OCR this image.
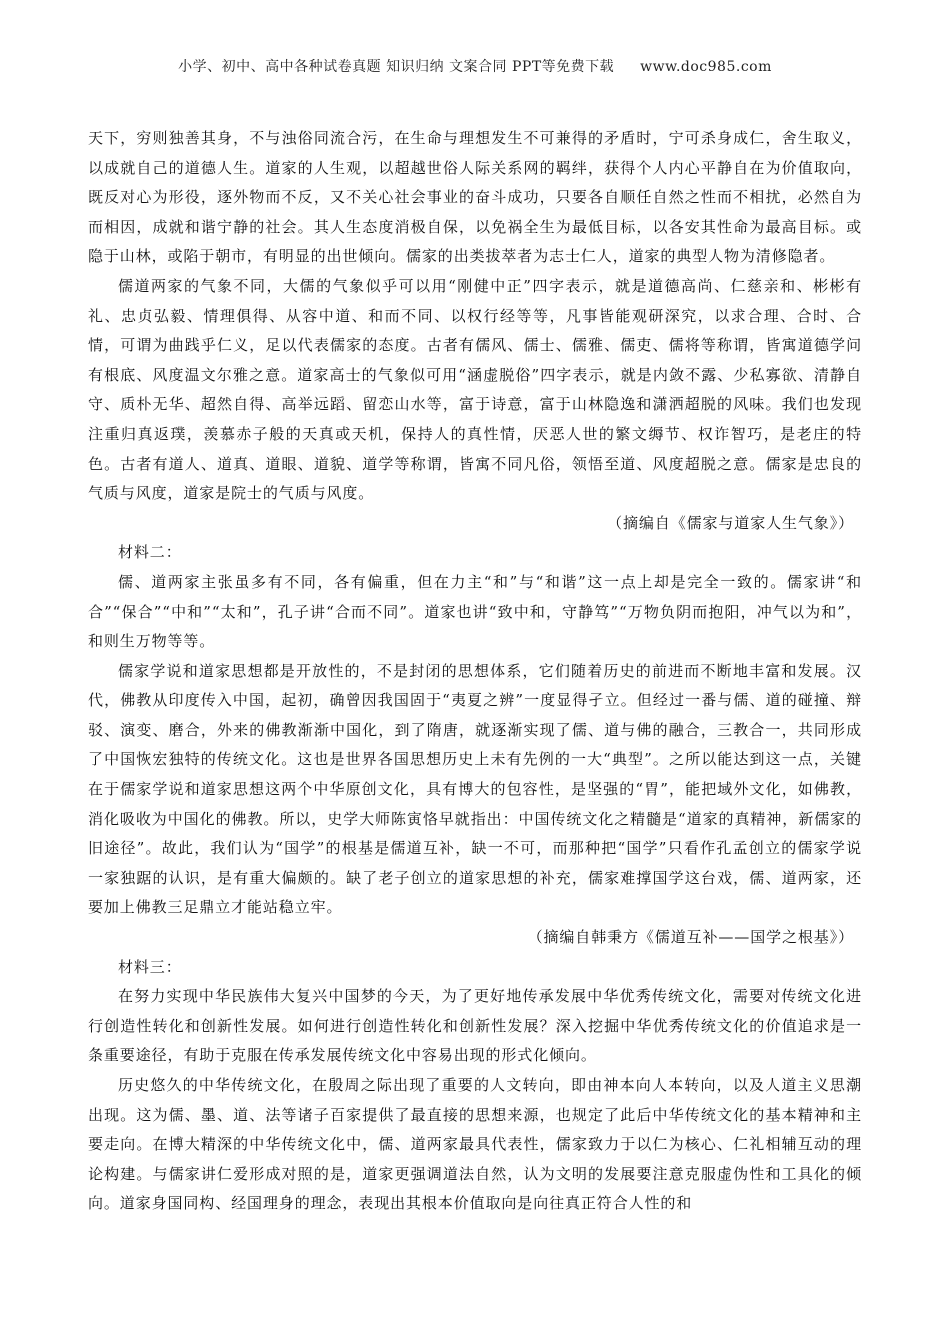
小学、初中、高中各种试卷真题 知识归纳 文案合同 PPT等免费下载 www.doc985.com

天下，穷则独善其身，不与浊俗同流合污，在生命与理想发生不可兼得的矛盾时，宁可杀身成仁，舍生取义，以成就自己的道德人生。道家的人生观，以超越世俗人际关系网的羁绊，获得个人内心平静自在为价值取向，既反对心为形役，逐外物而不反，又不关心社会事业的奋斗成功，只要各自顺任自然之性而不相扰，必然自为而相因，成就和谐宁静的社会。其人生态度消极自保，以免祸全生为最低目标，以各安其性命为最高目标。或隐于山林，或陷于朝市，有明显的出世倾向。儒家的出类拔萃者为志士仁人，道家的典型人物为清修隐者。

儒道两家的气象不同，大儒的气象似乎可以用“刚健中正”四字表示，就是道德高尚、仁慈亲和、彬彬有礼、忠贞弘毅、情理俱得、从容中道、和而不同、以权行经等等，凡事皆能观研深究，以求合理、合时、合情，可谓为曲践乎仁义，足以代表儒家的态度。古者有儒风、儒士、儒雅、儒吏、儒将等称谓，皆寓道德学问有根底、风度温文尔雅之意。道家高士的气象似可用“涵虚脱俗”四字表示，就是内敛不露、少私寡欲、清静自守、质朴无华、超然自得、高举远蹈、留恋山水等，富于诗意，富于山林隐逸和潇洒超脱的风味。我们也发现注重归真返璞，羡慕赤子般的天真或天机，保持人的真性情，厌恶人世的繁文缛节、权诈智巧，是老庄的特色。古者有道人、道真、道眼、道貌、道学等称谓，皆寓不同凡俗，领悟至道、风度超脱之意。儒家是忠良的气质与风度，道家是院士的气质与风度。

（摘编自《儒家与道家人生气象》）

材料二：

儒、道两家主张虽多有不同，各有偏重，但在力主“和”与“和谐”这一点上却是完全一致的。儒家讲“和合”“保合”“中和”“太和”，孔子讲“合而不同”。道家也讲“致中和，守静笃”“万物负阴而抱阳，冲气以为和”，和则生万物等等。

儒家学说和道家思想都是开放性的，不是封闭的思想体系，它们随着历史的前进而不断地丰富和发展。汉代，佛教从印度传入中国，起初，确曾因我国固于“夷夏之辨”一度显得孑立。但经过一番与儒、道的碰撞、辩驳、演变、磨合，外来的佛教渐渐中国化，到了隋唐，就逐渐实现了儒、道与佛的融合，三教合一，共同形成了中国恢宏独特的传统文化。这也是世界各国思想历史上未有先例的一大“典型”。之所以能达到这一点，关键在于儒家学说和道家思想这两个中华原创文化，具有博大的包容性，是坚强的“胃”，能把域外文化，如佛教，消化吸收为中国化的佛教。所以，史学大师陈寅恪早就指出：中国传统文化之精髓是“道家的真精神，新儒家的旧途径”。故此，我们认为“国学”的根基是儒道互补，缺一不可，而那种把“国学”只看作孔孟创立的儒家学说一家独踞的认识，是有重大偏颇的。缺了老子创立的道家思想的补充，儒家难撑国学这台戏，儒、道两家，还要加上佛教三足鼎立才能站稳立牢。

（摘编自韩秉方《儒道互补——国学之根基》）

材料三：

在努力实现中华民族伟大复兴中国梦的今天，为了更好地传承发展中华优秀传统文化，需要对传统文化进行创造性转化和创新性发展。如何进行创造性转化和创新性发展？深入挖掘中华优秀传统文化的价值追求是一条重要途径，有助于克服在传承发展传统文化中容易出现的形式化倾向。

历史悠久的中华传统文化，在殷周之际出现了重要的人文转向，即由神本向人本转向，以及人道主义思潮出现。这为儒、墨、道、法等诸子百家提供了最直接的思想来源，也规定了此后中华传统文化的基本精神和主要走向。在博大精深的中华传统文化中，儒、道两家最具代表性，儒家致力于以仁为核心、仁礼相辅互动的理论构建。与儒家讲仁爱形成对照的是，道家更强调道法自然，认为文明的发展要注意克服虚伪性和工具化的倾向。道家身国同构、经国理身的理念，表现出其根本价值取向是向往真正符合人性的和
